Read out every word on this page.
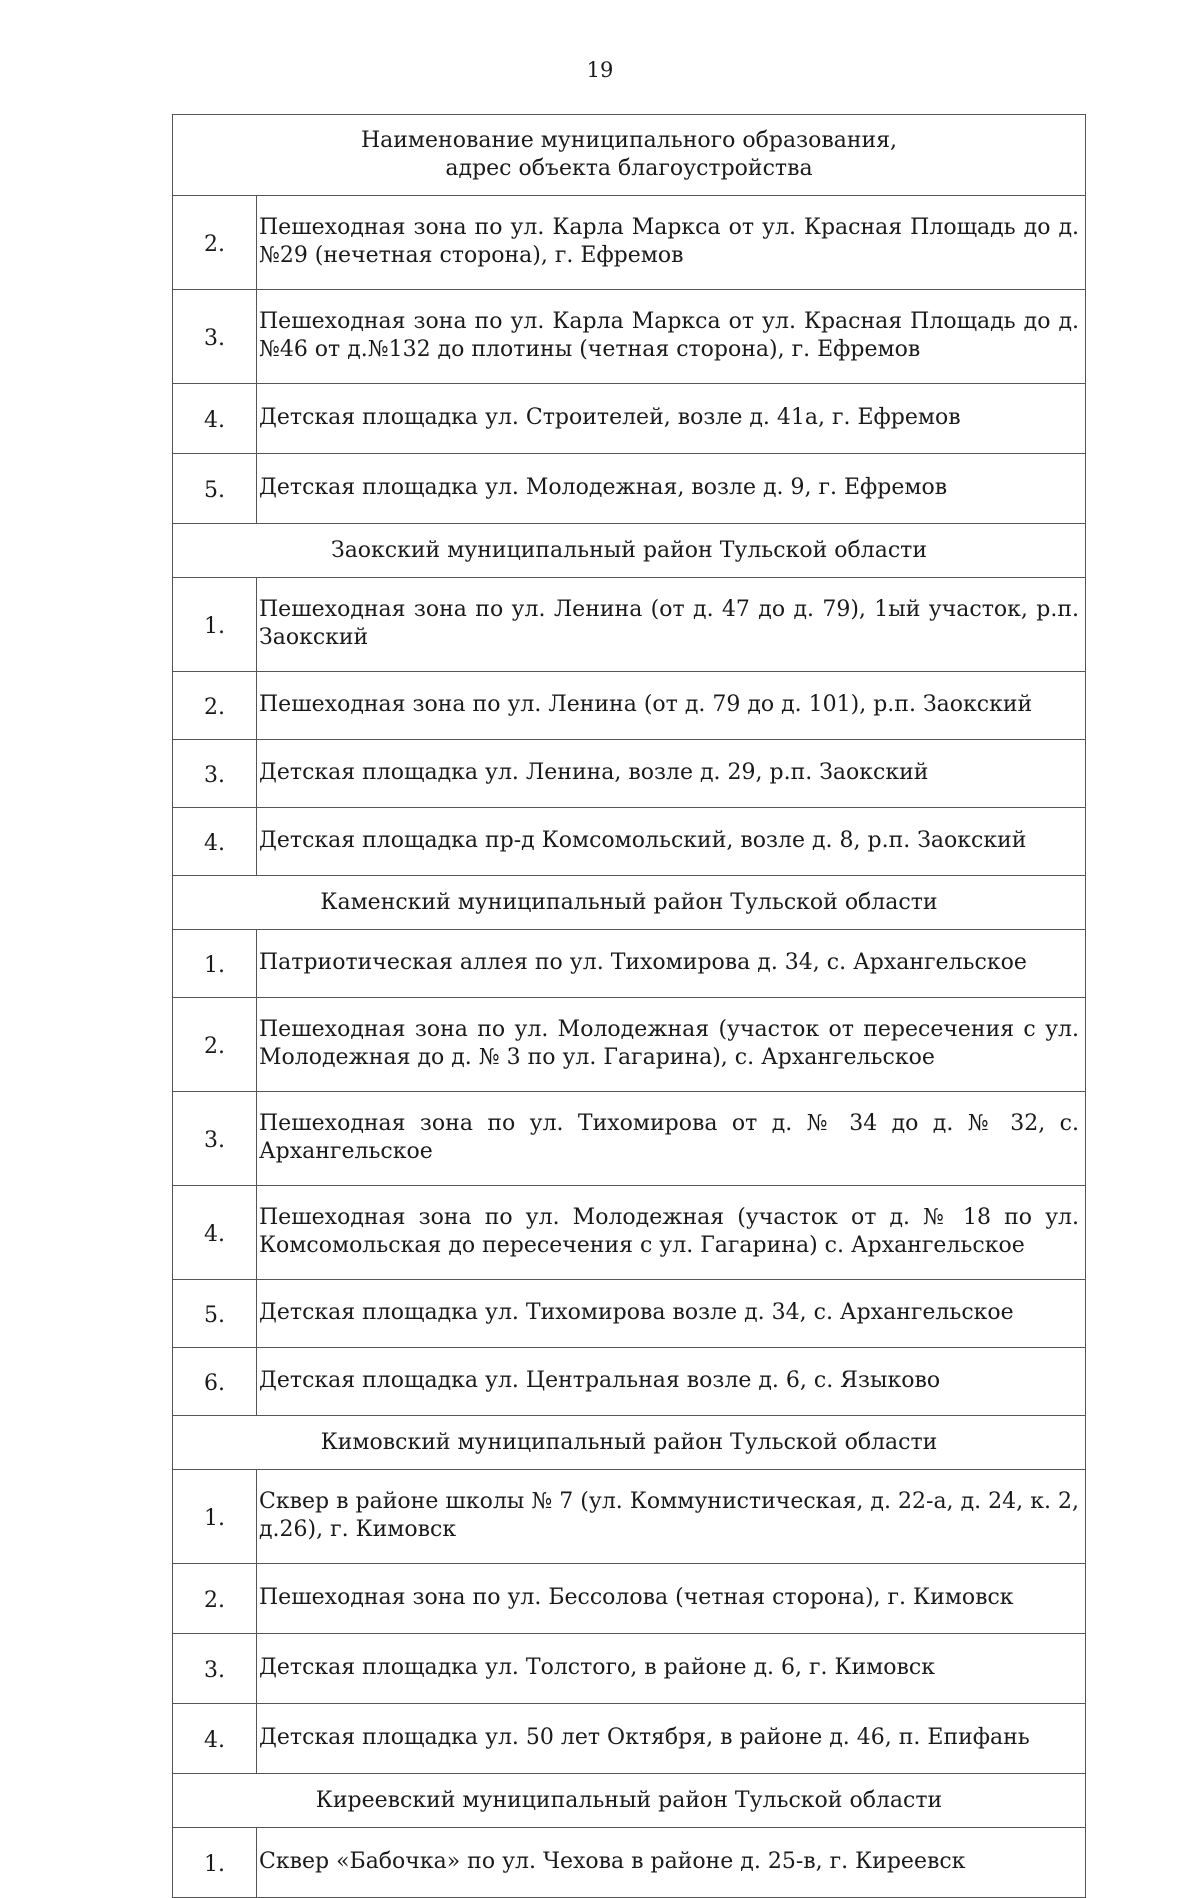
19
Наименование муниципального образования,
адрес объекта благоустройства	

2.	Пешеходная зона по ул. Карла Маркса от ул. Красная Площадь до д. №29 (нечетная сторона), г. Ефремов
3.	Пешеходная зона по ул. Карла Маркса от ул. Красная Площадь до д. №46 от д.№132 до плотины (четная сторона), г. Ефремов
4.	Детская площадка ул. Строителей, возле д. 41а, г. Ефремов
5.	Детская площадка ул. Молодежная, возле д. 9, г. Ефремов
Заокский муниципальный район Тульской области	
1.	Пешеходная зона по ул. Ленина (от д. 47 до д. 79), 1ый участок, р.п. Заокский
2.	Пешеходная зона по ул. Ленина (от д. 79 до д. 101), р.п. Заокский
3.	Детская площадка ул. Ленина, возле д. 29, р.п. Заокский
4.	Детская площадка пр-д Комсомольский, возле д. 8, р.п. Заокский
Каменский муниципальный район Тульской области	
1.	Патриотическая аллея по ул. Тихомирова д. 34, с. Архангельское
2.	Пешеходная зона по ул. Молодежная (участок от пересечения с ул. Молодежная до д. № 3 по ул. Гагарина), с. Архангельское
3.	Пешеходная зона по ул. Тихомирова от д. № 34 до д. № 32, с. Архангельское
4.	Пешеходная зона по ул. Молодежная (участок от д. № 18 по ул. Комсомольская до пересечения с ул. Гагарина) с. Архангельское
5.	Детская площадка ул. Тихомирова возле д. 34, с. Архангельское
6.	Детская площадка ул. Центральная возле д. 6, с. Языково
Кимовский муниципальный район Тульской области	
1.	Сквер в районе школы № 7 (ул. Коммунистическая, д. 22-а, д. 24, к. 2, д.26), г. Кимовск
2.	Пешеходная зона по ул. Бессолова (четная сторона), г. Кимовск
3.	Детская площадка ул. Толстого, в районе д. 6, г. Кимовск
4.	Детская площадка ул. 50 лет Октября, в районе д. 46, п. Епифань
Киреевский муниципальный район Тульской области	
1.	Сквер «Бабочка» по ул. Чехова в районе д. 25-в, г. Киреевск
